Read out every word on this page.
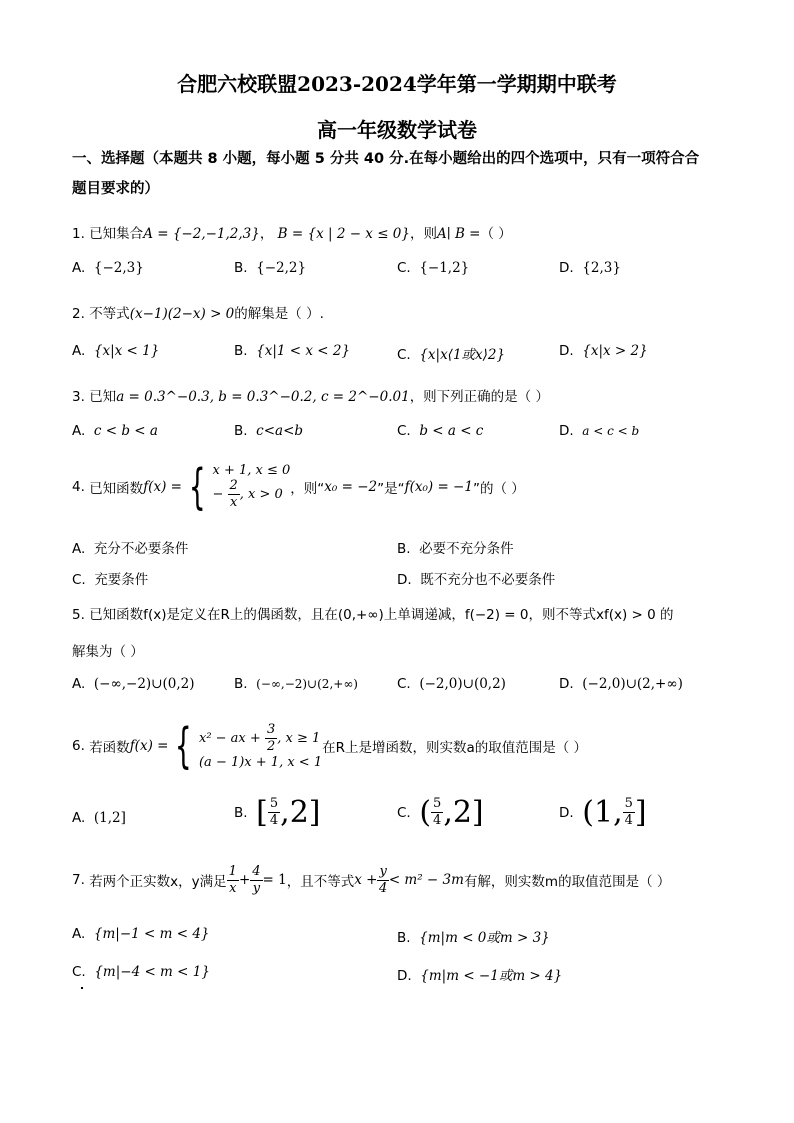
合肥六校联盟2023-2024学年第一学期期中联考
高一年级数学试卷
一、选择题（本题共 8 小题，每小题 5 分共 40 分.在每小题给出的四个选项中，只有一项符合合
题目要求的）
1. 已知集合A = {−2,−1,2,3}， B = {x | 2 − x ≤ 0}，则A∣ B =（ ）
A. {−2,3}	B. {−2,2}	C. {−1,2}	D. {2,3}
2. 不等式(x−1)(2−x) > 0的解集是（ ）.
A. {x|x < 1}	B. {x|1 < x < 2}	C. {x|x⟨1或x⟩2}	D. {x|x > 2}
3. 已知a = 0.3^−0.3, b = 0.3^−0.2, c = 2^−0.01，则下列正确的是（ ）
A. c < b < a	B. c<a<b	C. b < a < c	D. a < c < b
4.
已知函数 f(x) = { x + 1, x ≤ 0
− $\frac{2}{x}$ , x > 0 ，则“ x₀ = −2 ”是“ f(x₀) = −1 ”的（ ）
A. 充分不必要条件	B. 必要不充分条件
C. 充要条件	D. 既不充分也不必要条件
5. 已知函数f(x)是定义在R上的偶函数，且在(0,+∞)上单调递减，f(−2) = 0，则不等式xf(x) > 0 的
解集为（ ）
A. (−∞,−2)∪(0,2)	B. (−∞,−2)∪(2,+∞)	C. (−2,0)∪(0,2)	D. (−2,0)∪(2,+∞)
6.
若函数 f(x) = { x² − ax +
$\frac{3}{2}$ , x ≥ 1
(a − 1)x + 1, x < 1
在R上是增函数，则实数a的取值范围是（ ）
A. (1,2]	B.
[ $\frac{5}{4} ,2$]	C.
( $\frac{5}{4} ,2$]	D.
(1, $\frac{5}{4}$ ]
7.
若两个正实数x，y满足 $\frac{1}{x} + \frac{4}{y} = 1$ ，且不等式 $x + \frac{y}{4} < m^2 - 3m$ 有解，则实数m的取值范围是（ ）
A. {m|−1 < m < 4}	B. {m|m < 0或m > 3}
C. {m|−4 < m < 1}	D. {m|m < −1或m > 4}
